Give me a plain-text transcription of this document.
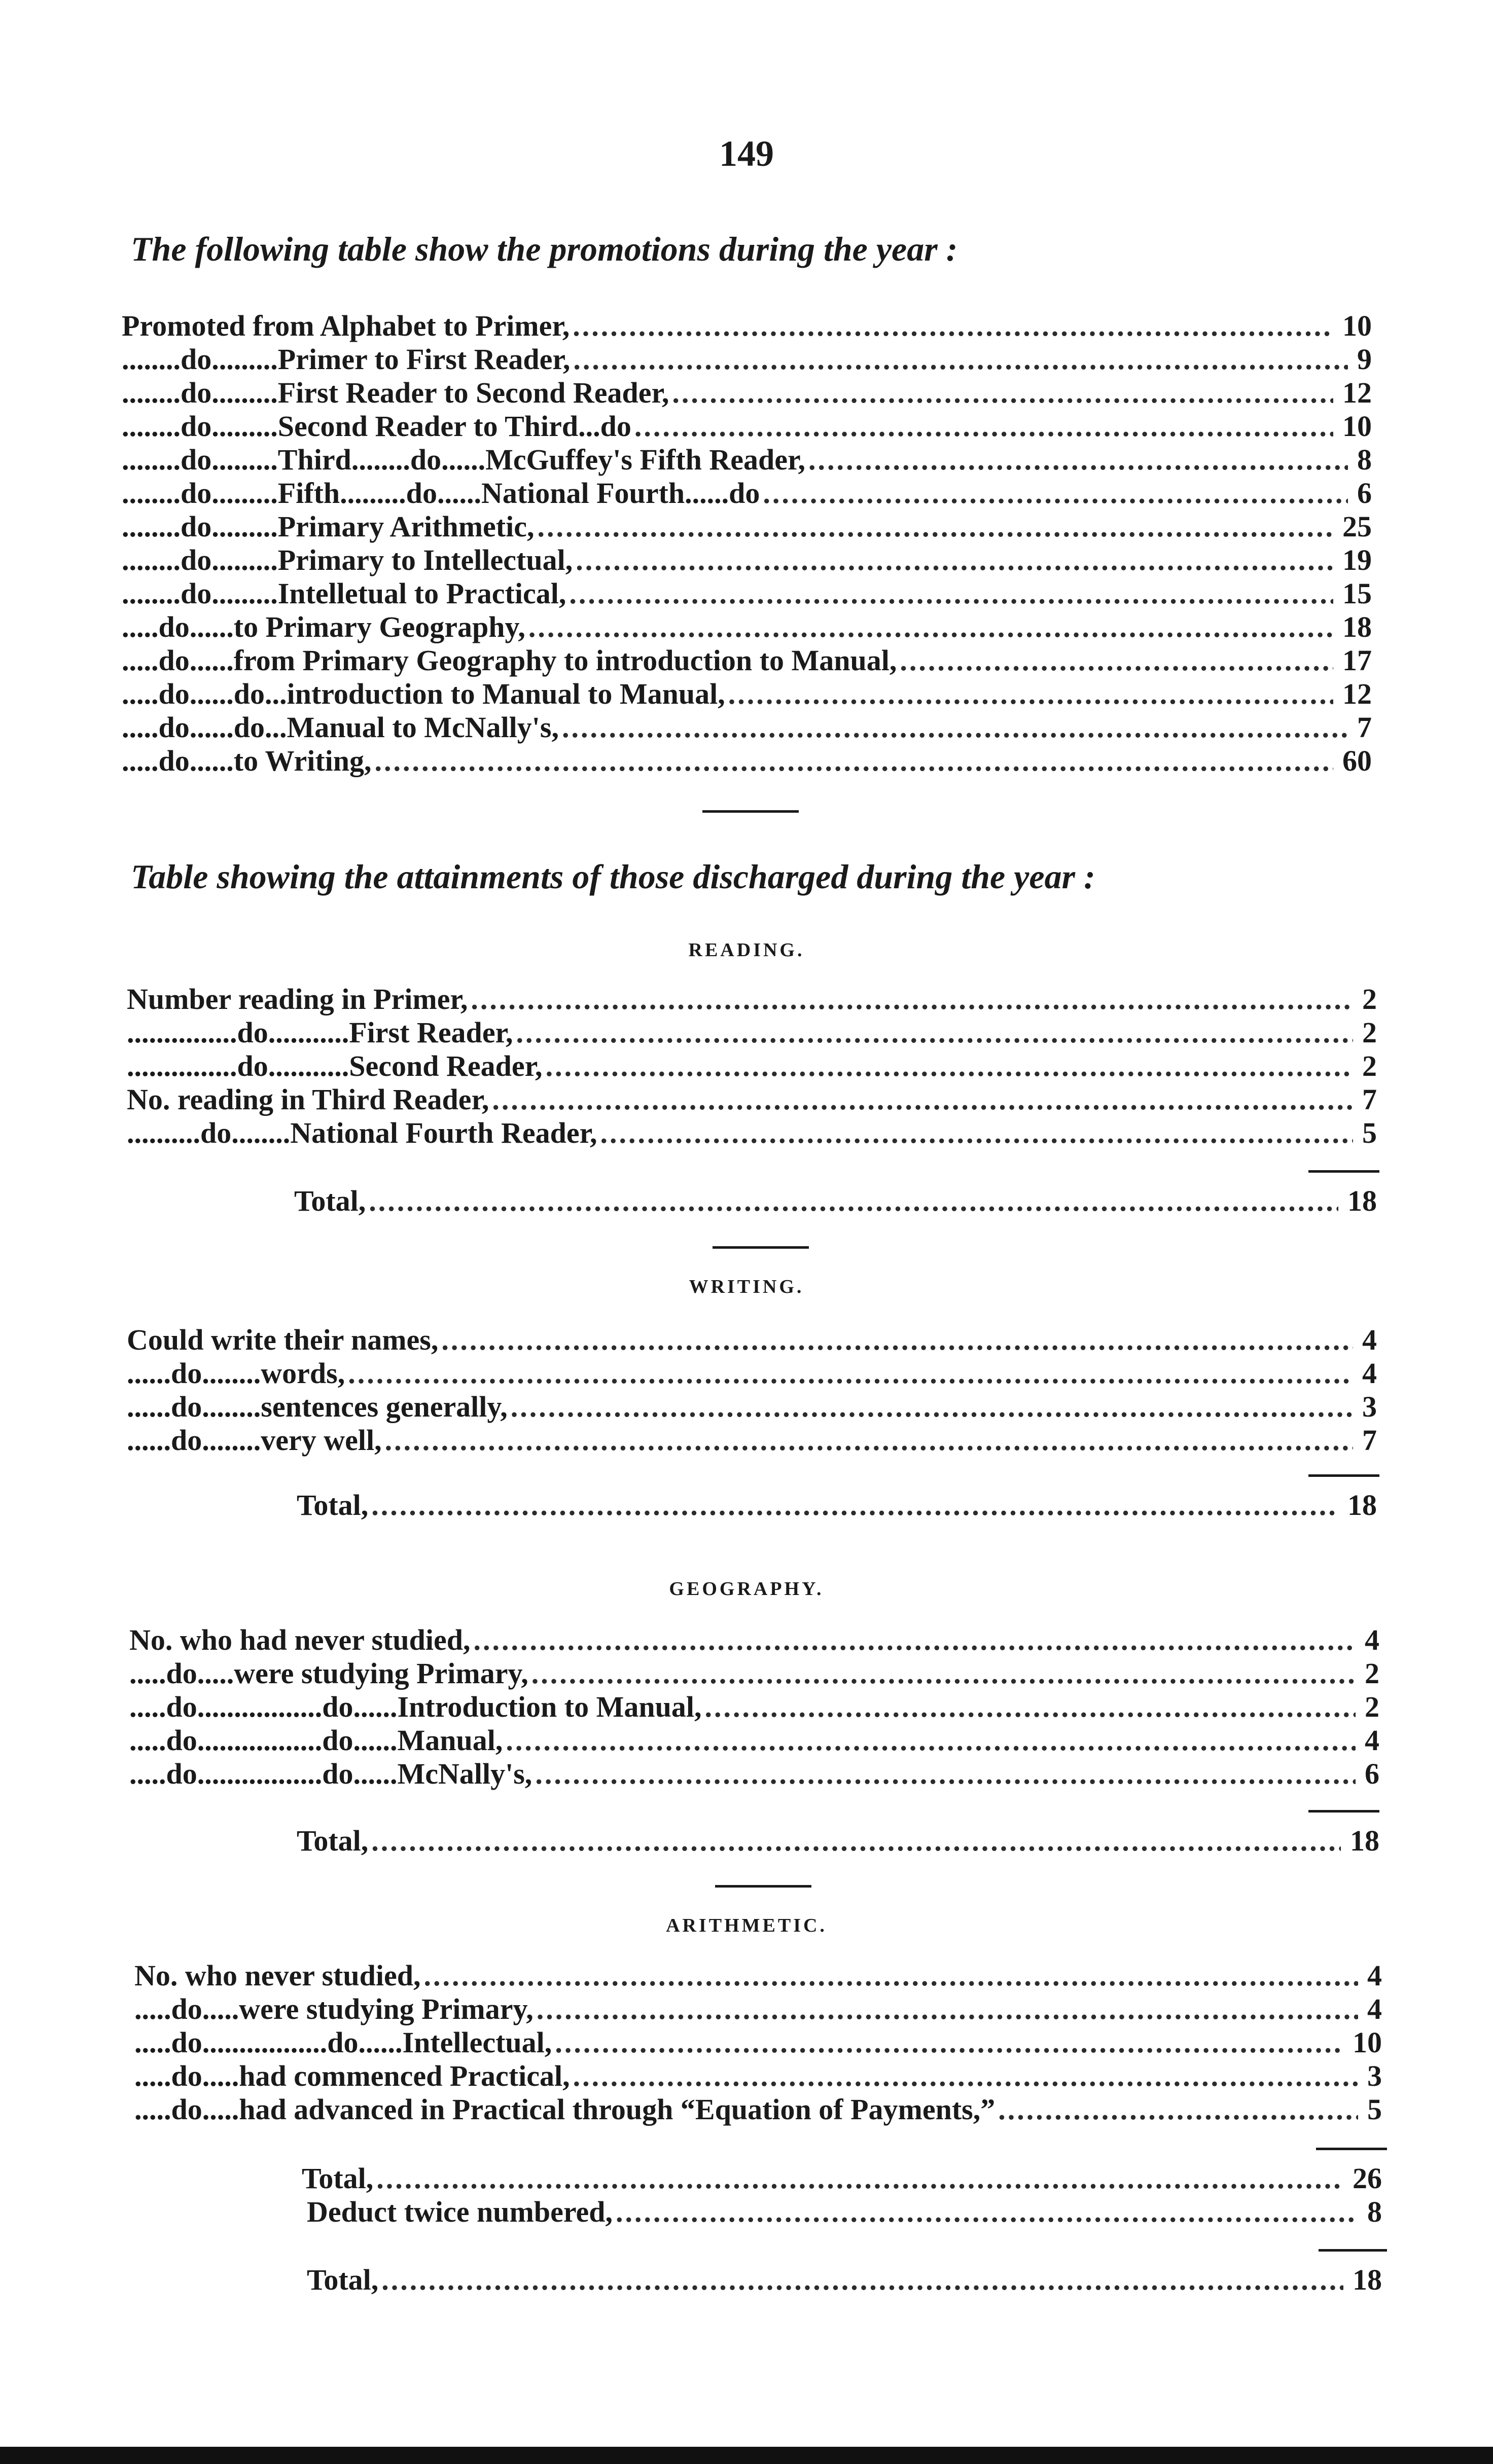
149
The following table show the promotions during the year :
Promoted from Alphabet to Primer, .....	10
........do.........Primer to First Reader, .....	9
........do.........First Reader to Second Reader, .....	12
........do.........Second Reader to Third...do .....	10
........do.........Third........do......McGuffey's Fifth Reader, .....	8
........do.........Fifth.........do......National Fourth......do .....	6
........do.........Primary Arithmetic, .....	25
........do.........Primary to Intellectual, .....	19
........do.........Intelletual to Practical, .....	15
.....do......to Primary Geography, .....	18
.....do......from Primary Geography to introduction to Manual, .....	17
.....do......do...introduction to Manual to Manual, .....	12
.....do......do...Manual to McNally's, .....	7
.....do......to Writing, .....	60
Table showing the attainments of those discharged during the year :
READING.
Number reading in Primer, .....	2
...............do...........First Reader, .....	2
...............do...........Second Reader, .....	2
No. reading in Third Reader, .....	7
..........do........National Fourth Reader, .....	5
Total, .....	18
WRITING.
Could write their names, .....	4
......do........words, .....	4
......do........sentences generally, .....	3
......do........very well, .....	7
Total, .....	18
GEOGRAPHY.
No. who had never studied, .....	4
.....do.....were studying Primary, .....	2
.....do.................do......Introduction to Manual, .....	2
.....do.................do......Manual, .....	4
.....do.................do......McNally's, .....	6
Total, .....	18
ARITHMETIC.
No. who never studied, .....	4
.....do.....were studying Primary, .....	4
.....do.................do......Intellectual, .....	10
.....do.....had commenced Practical, .....	3
.....do.....had advanced in Practical through “Equation of Payments,” .....	5
Total, .....	26
Deduct twice numbered, .....	8
Total, .....	18
